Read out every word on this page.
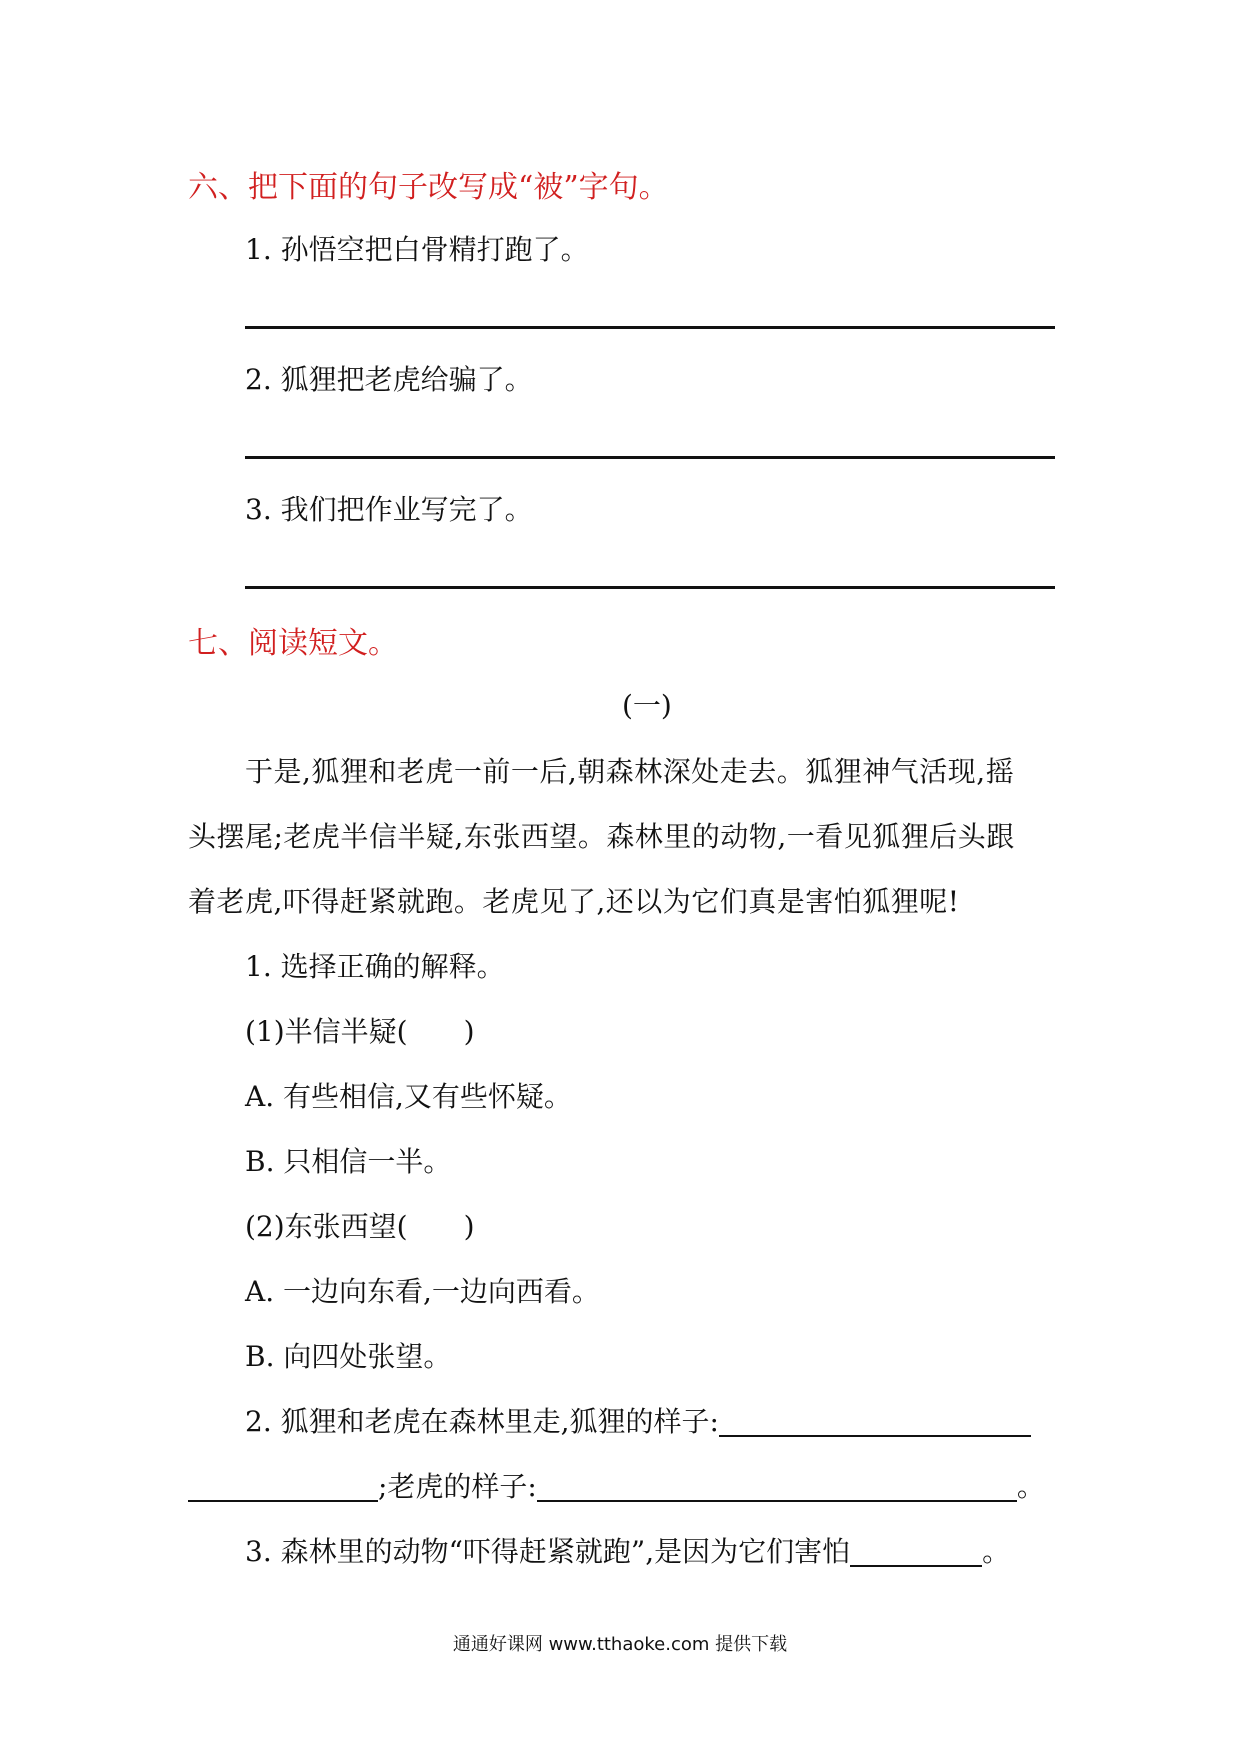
六、把下面的句子改写成“被”字句。
1. 孙悟空把白骨精打跑了。
2. 狐狸把老虎给骗了。
3. 我们把作业写完了。
七、阅读短文。
(一)
于是,狐狸和老虎一前一后,朝森林深处走去。狐狸神气活现,摇
头摆尾;老虎半信半疑,东张西望。森林里的动物,一看见狐狸后头跟
着老虎,吓得赶紧就跑。老虎见了,还以为它们真是害怕狐狸呢!
1. 选择正确的解释。
(1)半信半疑(　　)
A. 有些相信,又有些怀疑。
B. 只相信一半。
(2)东张西望(　　)
A. 一边向东看,一边向西看。
B. 向四处张望。
2. 狐狸和老虎在森林里走,狐狸的样子:
;老虎的样子:	。
3. 森林里的动物“吓得赶紧就跑”,是因为它们害怕	。
通通好课网 www.tthaoke.com 提供下载
